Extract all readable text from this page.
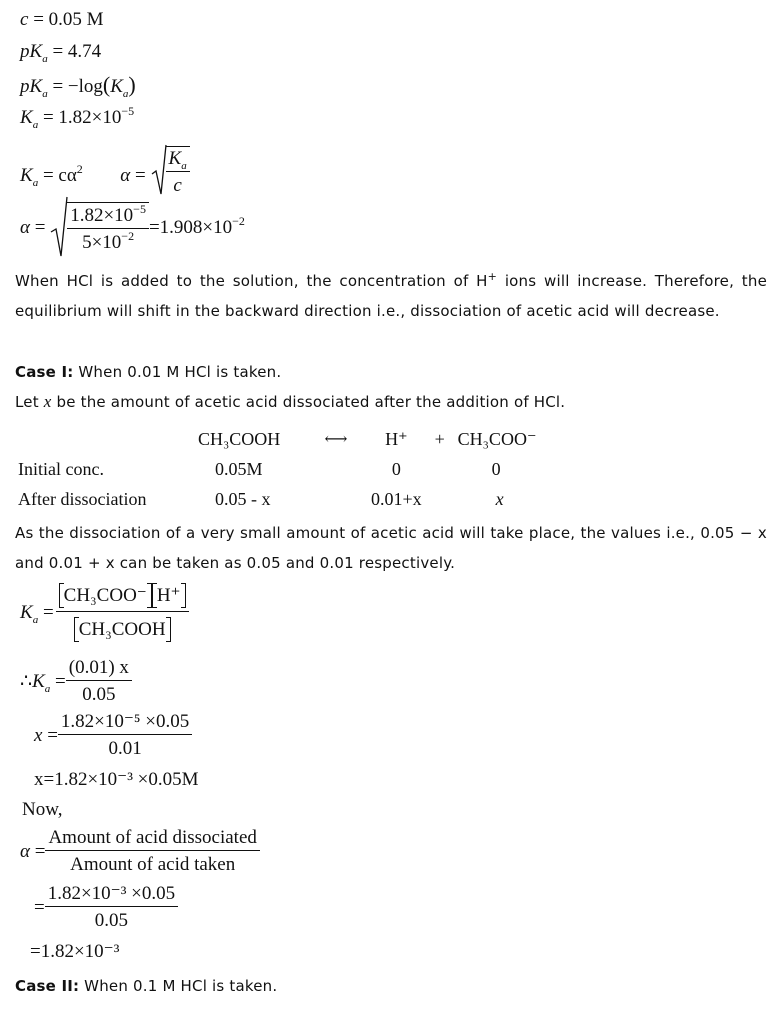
c = 0.05 M
$pK_a = 4.74$
$pK_a = -\log(K_a)$
$K_a = 1.82\times 10^{-5}$
$K_a = c\alpha^2$ $\alpha = \frac{K_a}{c}$
$\alpha = \frac{1.82\times 10^{-5}}{5\times 10^{-2}} =1.908\times 10^{-2}$
When HCl is added to the solution, the concentration of H+ ions will increase. Therefore, the equilibrium will shift in the backward direction i.e., dissociation of acetic acid will decrease.
Case I: When 0.01 M HCl is taken.
Let x be the amount of acetic acid dissociated after the addition of HCl.
	CH₃COOH	⟷	H⁺	+	CH₃COO⁻
Initial conc.	0.05M		0		0
After dissociation	0.05 - x		0.01+x		x
As the dissociation of a very small amount of acetic acid will take place, the values i.e., 0.05 − x and 0.01 + x can be taken as 0.05 and 0.01 respectively.
$K_a = \frac{\text{CH₃COO⁻ H⁺}}{\text{CH₃COOH}}$
$\therefore K_a = \frac{(0.01) x}{0.05}$
$x = \frac{\text{1.82×10⁻⁵ ×0.05}}{0.01}$
x=1.82×10⁻³ ×0.05M
Now,
$\alpha = \frac{\text{Amount of acid dissociated}}{\text{Amount of acid taken}}$
= $\frac{\text{1.82×10⁻³ ×0.05}}{0.05}$
=1.82×10⁻³
Case II: When 0.1 M HCl is taken.
